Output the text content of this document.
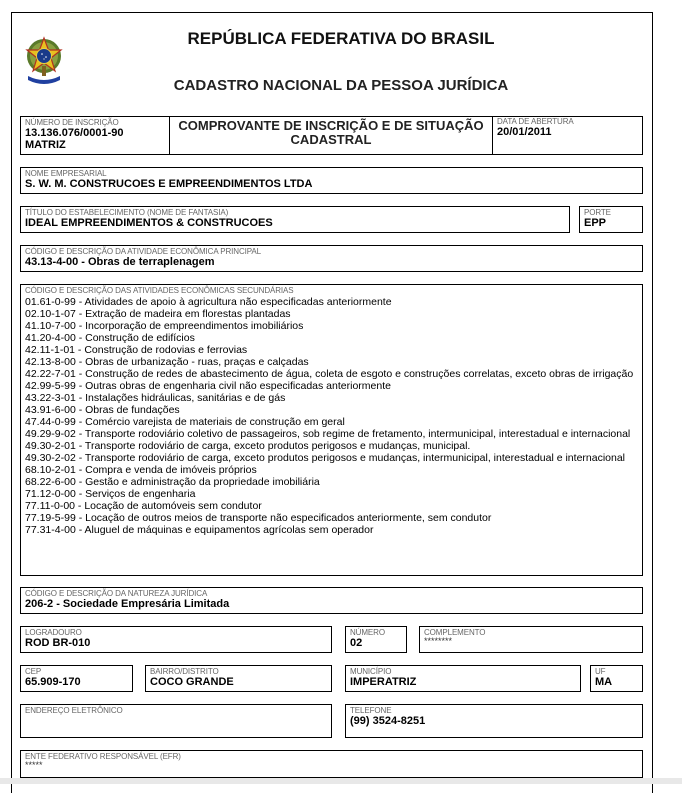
REPÚBLICA FEDERATIVA DO BRASIL
CADASTRO NACIONAL DA PESSOA JURÍDICA
NÚMERO DE INSCRIÇÃO
13.136.076/0001-90
MATRIZ
COMPROVANTE DE INSCRIÇÃO E DE SITUAÇÃO
CADASTRAL
DATA DE ABERTURA
20/01/2011
NOME EMPRESARIAL
S. W. M. CONSTRUCOES E EMPREENDIMENTOS LTDA
TÍTULO DO ESTABELECIMENTO (NOME DE FANTASIA)
IDEAL EMPREENDIMENTOS & CONSTRUCOES
PORTE
EPP
CÓDIGO E DESCRIÇÃO DA ATIVIDADE ECONÔMICA PRINCIPAL
43.13-4-00 - Obras de terraplenagem
CÓDIGO E DESCRIÇÃO DAS ATIVIDADES ECONÔMICAS SECUNDÁRIAS
01.61-0-99 - Atividades de apoio à agricultura não especificadas anteriormente
02.10-1-07 - Extração de madeira em florestas plantadas
41.10-7-00 - Incorporação de empreendimentos imobiliários
41.20-4-00 - Construção de edifícios
42.11-1-01 - Construção de rodovias e ferrovias
42.13-8-00 - Obras de urbanização - ruas, praças e calçadas
42.22-7-01 - Construção de redes de abastecimento de água, coleta de esgoto e construções correlatas, exceto obras de irrigação
42.99-5-99 - Outras obras de engenharia civil não especificadas anteriormente
43.22-3-01 - Instalações hidráulicas, sanitárias e de gás
43.91-6-00 - Obras de fundações
47.44-0-99 - Comércio varejista de materiais de construção em geral
49.29-9-02 - Transporte rodoviário coletivo de passageiros, sob regime de fretamento, intermunicipal, interestadual e internacional
49.30-2-01 - Transporte rodoviário de carga, exceto produtos perigosos e mudanças, municipal.
49.30-2-02 - Transporte rodoviário de carga, exceto produtos perigosos e mudanças, intermunicipal, interestadual e internacional
68.10-2-01 - Compra e venda de imóveis próprios
68.22-6-00 - Gestão e administração da propriedade imobiliária
71.12-0-00 - Serviços de engenharia
77.11-0-00 - Locação de automóveis sem condutor
77.19-5-99 - Locação de outros meios de transporte não especificados anteriormente, sem condutor
77.31-4-00 - Aluguel de máquinas e equipamentos agrícolas sem operador
CÓDIGO E DESCRIÇÃO DA NATUREZA JURÍDICA
206-2 - Sociedade Empresária Limitada
LOGRADOURO
ROD BR-010
NÚMERO
02
COMPLEMENTO
********
CEP
65.909-170
BAIRRO/DISTRITO
COCO GRANDE
MUNICÍPIO
IMPERATRIZ
UF
MA
ENDEREÇO ELETRÔNICO	TELEFONE
(99) 3524-8251
ENTE FEDERATIVO RESPONSÁVEL (EFR)
*****
